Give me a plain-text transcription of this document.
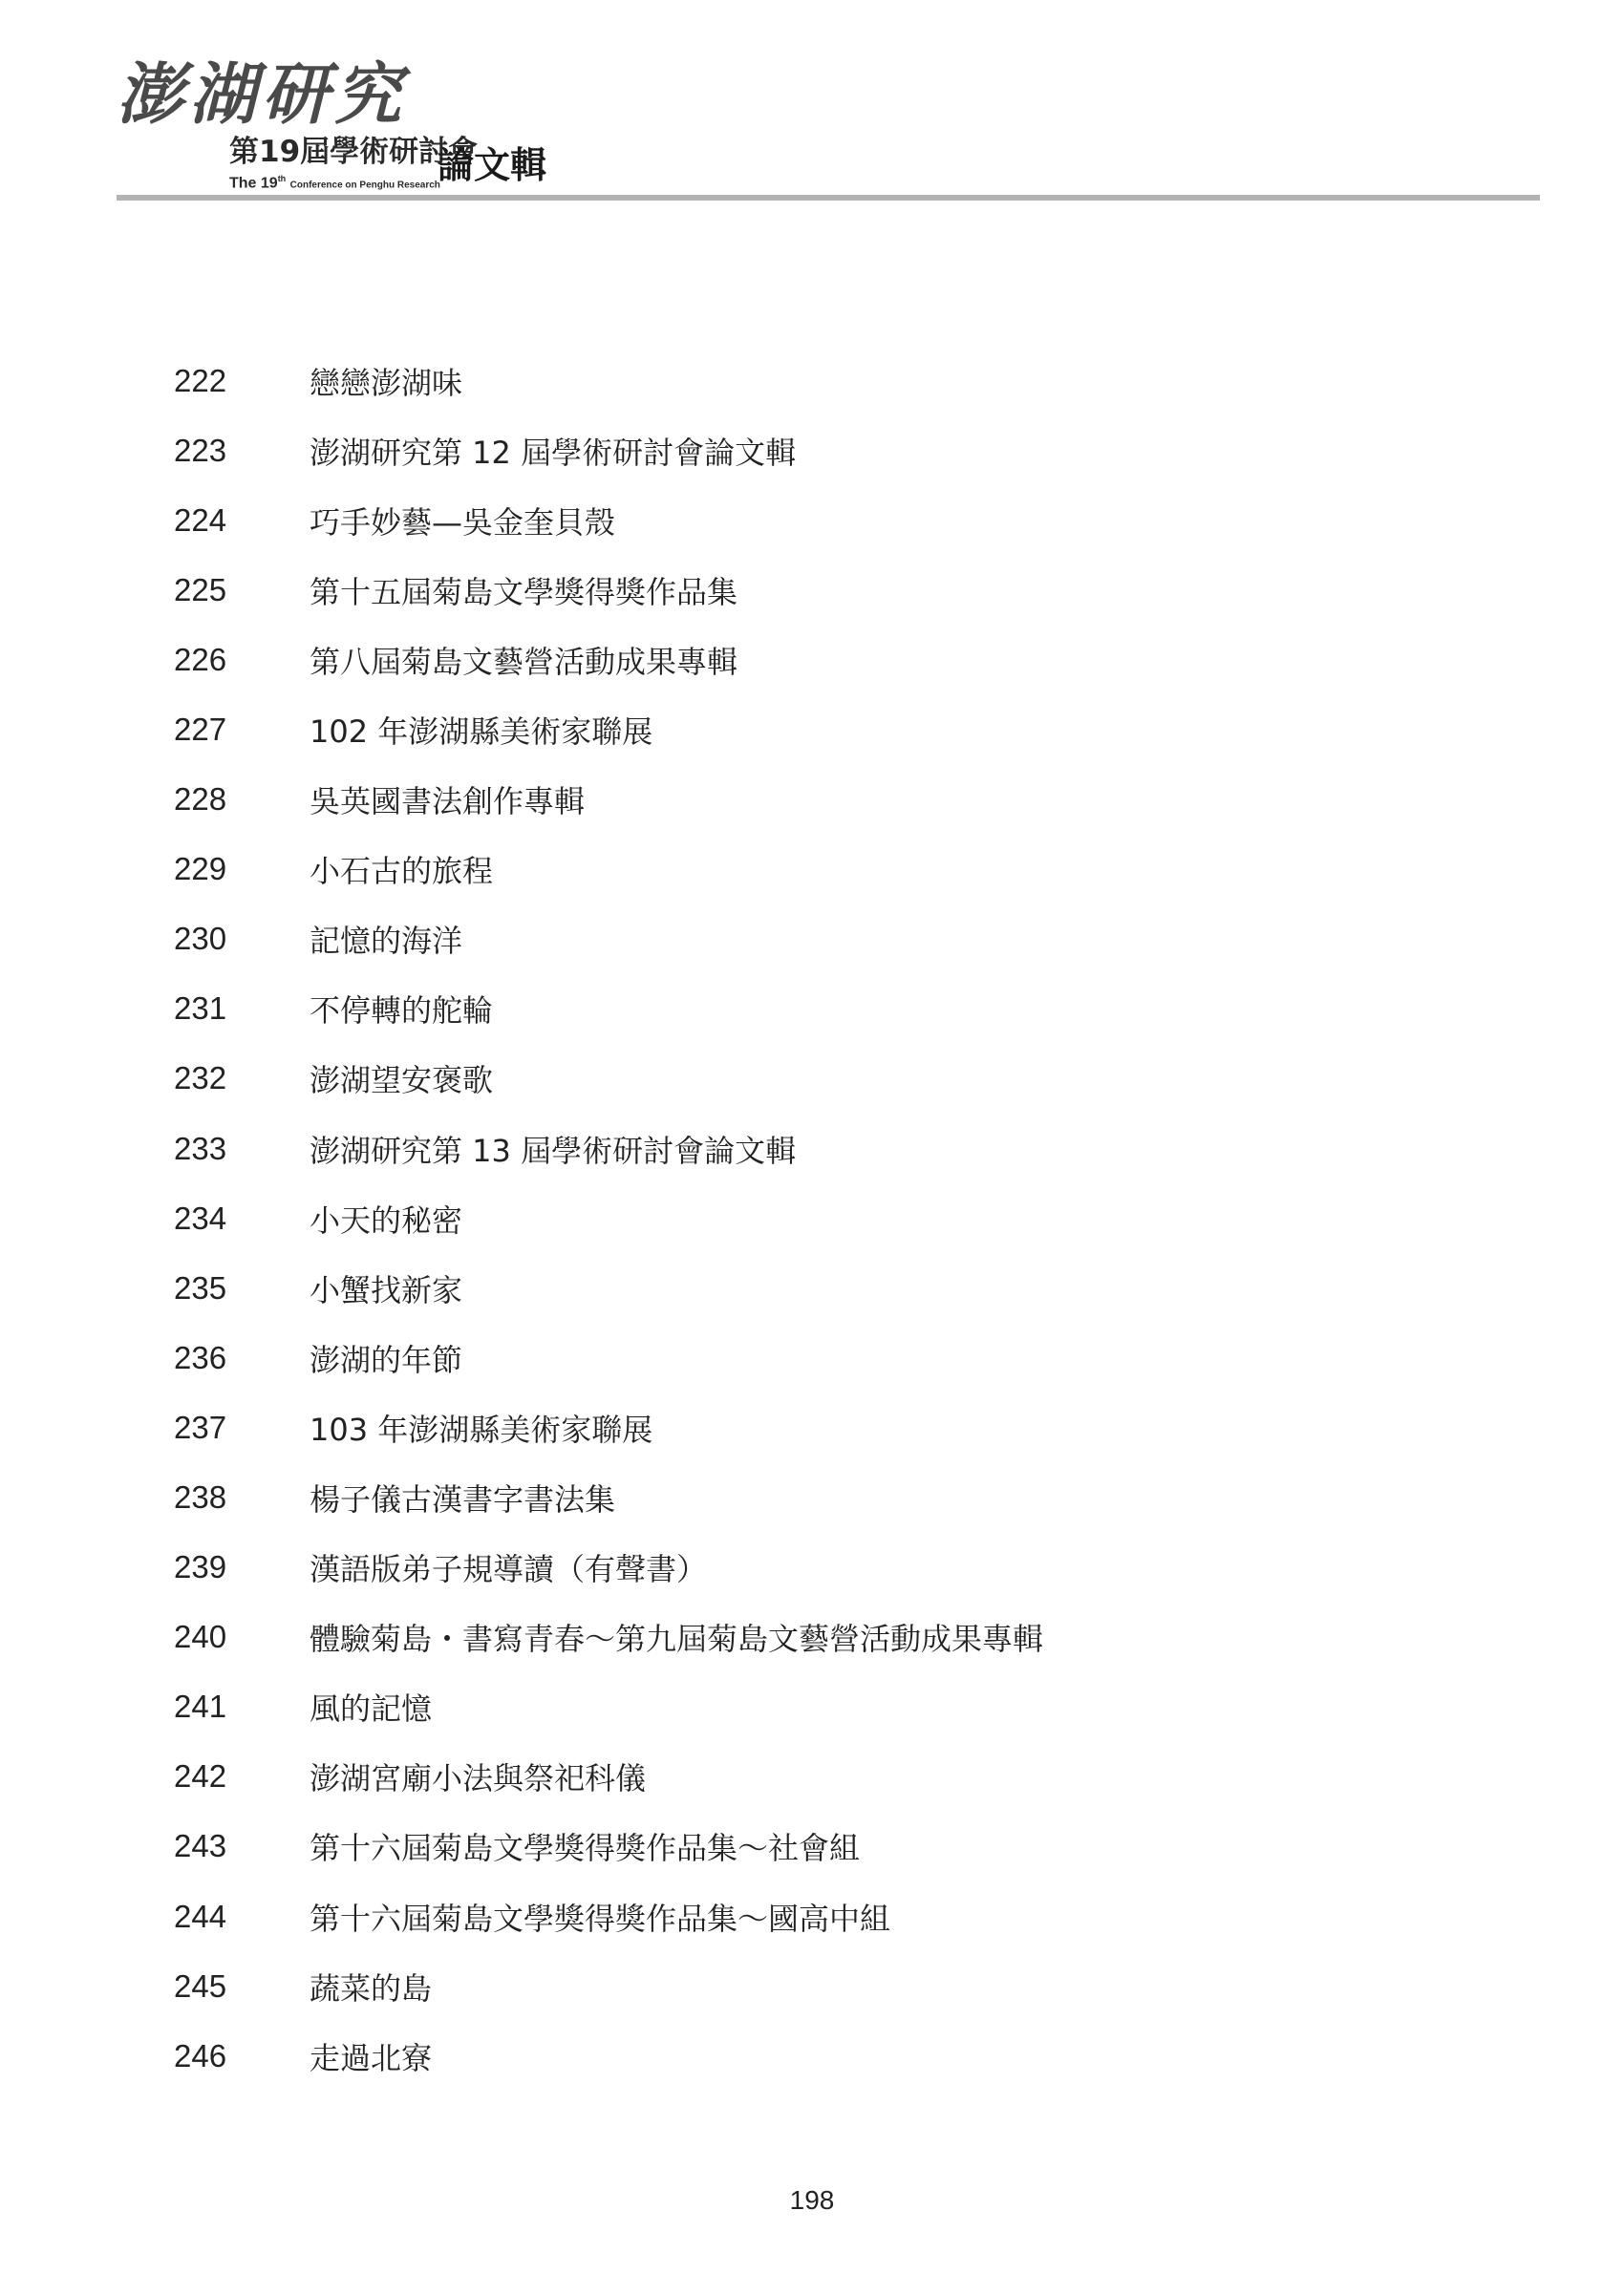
澎湖研究
第19屆學術研討會
The 19th Conference on Penghu Research
論文輯
222	戀戀澎湖味
223	澎湖研究第 12 屆學術研討會論文輯
224	巧手妙藝—吳金奎貝殼
225	第十五屆菊島文學獎得獎作品集
226	第八屆菊島文藝營活動成果專輯
227	102 年澎湖縣美術家聯展
228	吳英國書法創作專輯
229	小石古的旅程
230	記憶的海洋
231	不停轉的舵輪
232	澎湖望安褒歌
233	澎湖研究第 13 屆學術研討會論文輯
234	小天的秘密
235	小蟹找新家
236	澎湖的年節
237	103 年澎湖縣美術家聯展
238	楊子儀古漢書字書法集
239	漢語版弟子規導讀（有聲書）
240	體驗菊島・書寫青春～第九屆菊島文藝營活動成果專輯
241	風的記憶
242	澎湖宮廟小法與祭祀科儀
243	第十六屆菊島文學獎得獎作品集～社會組
244	第十六屆菊島文學獎得獎作品集～國高中組
245	蔬菜的島
246	走過北寮
198
